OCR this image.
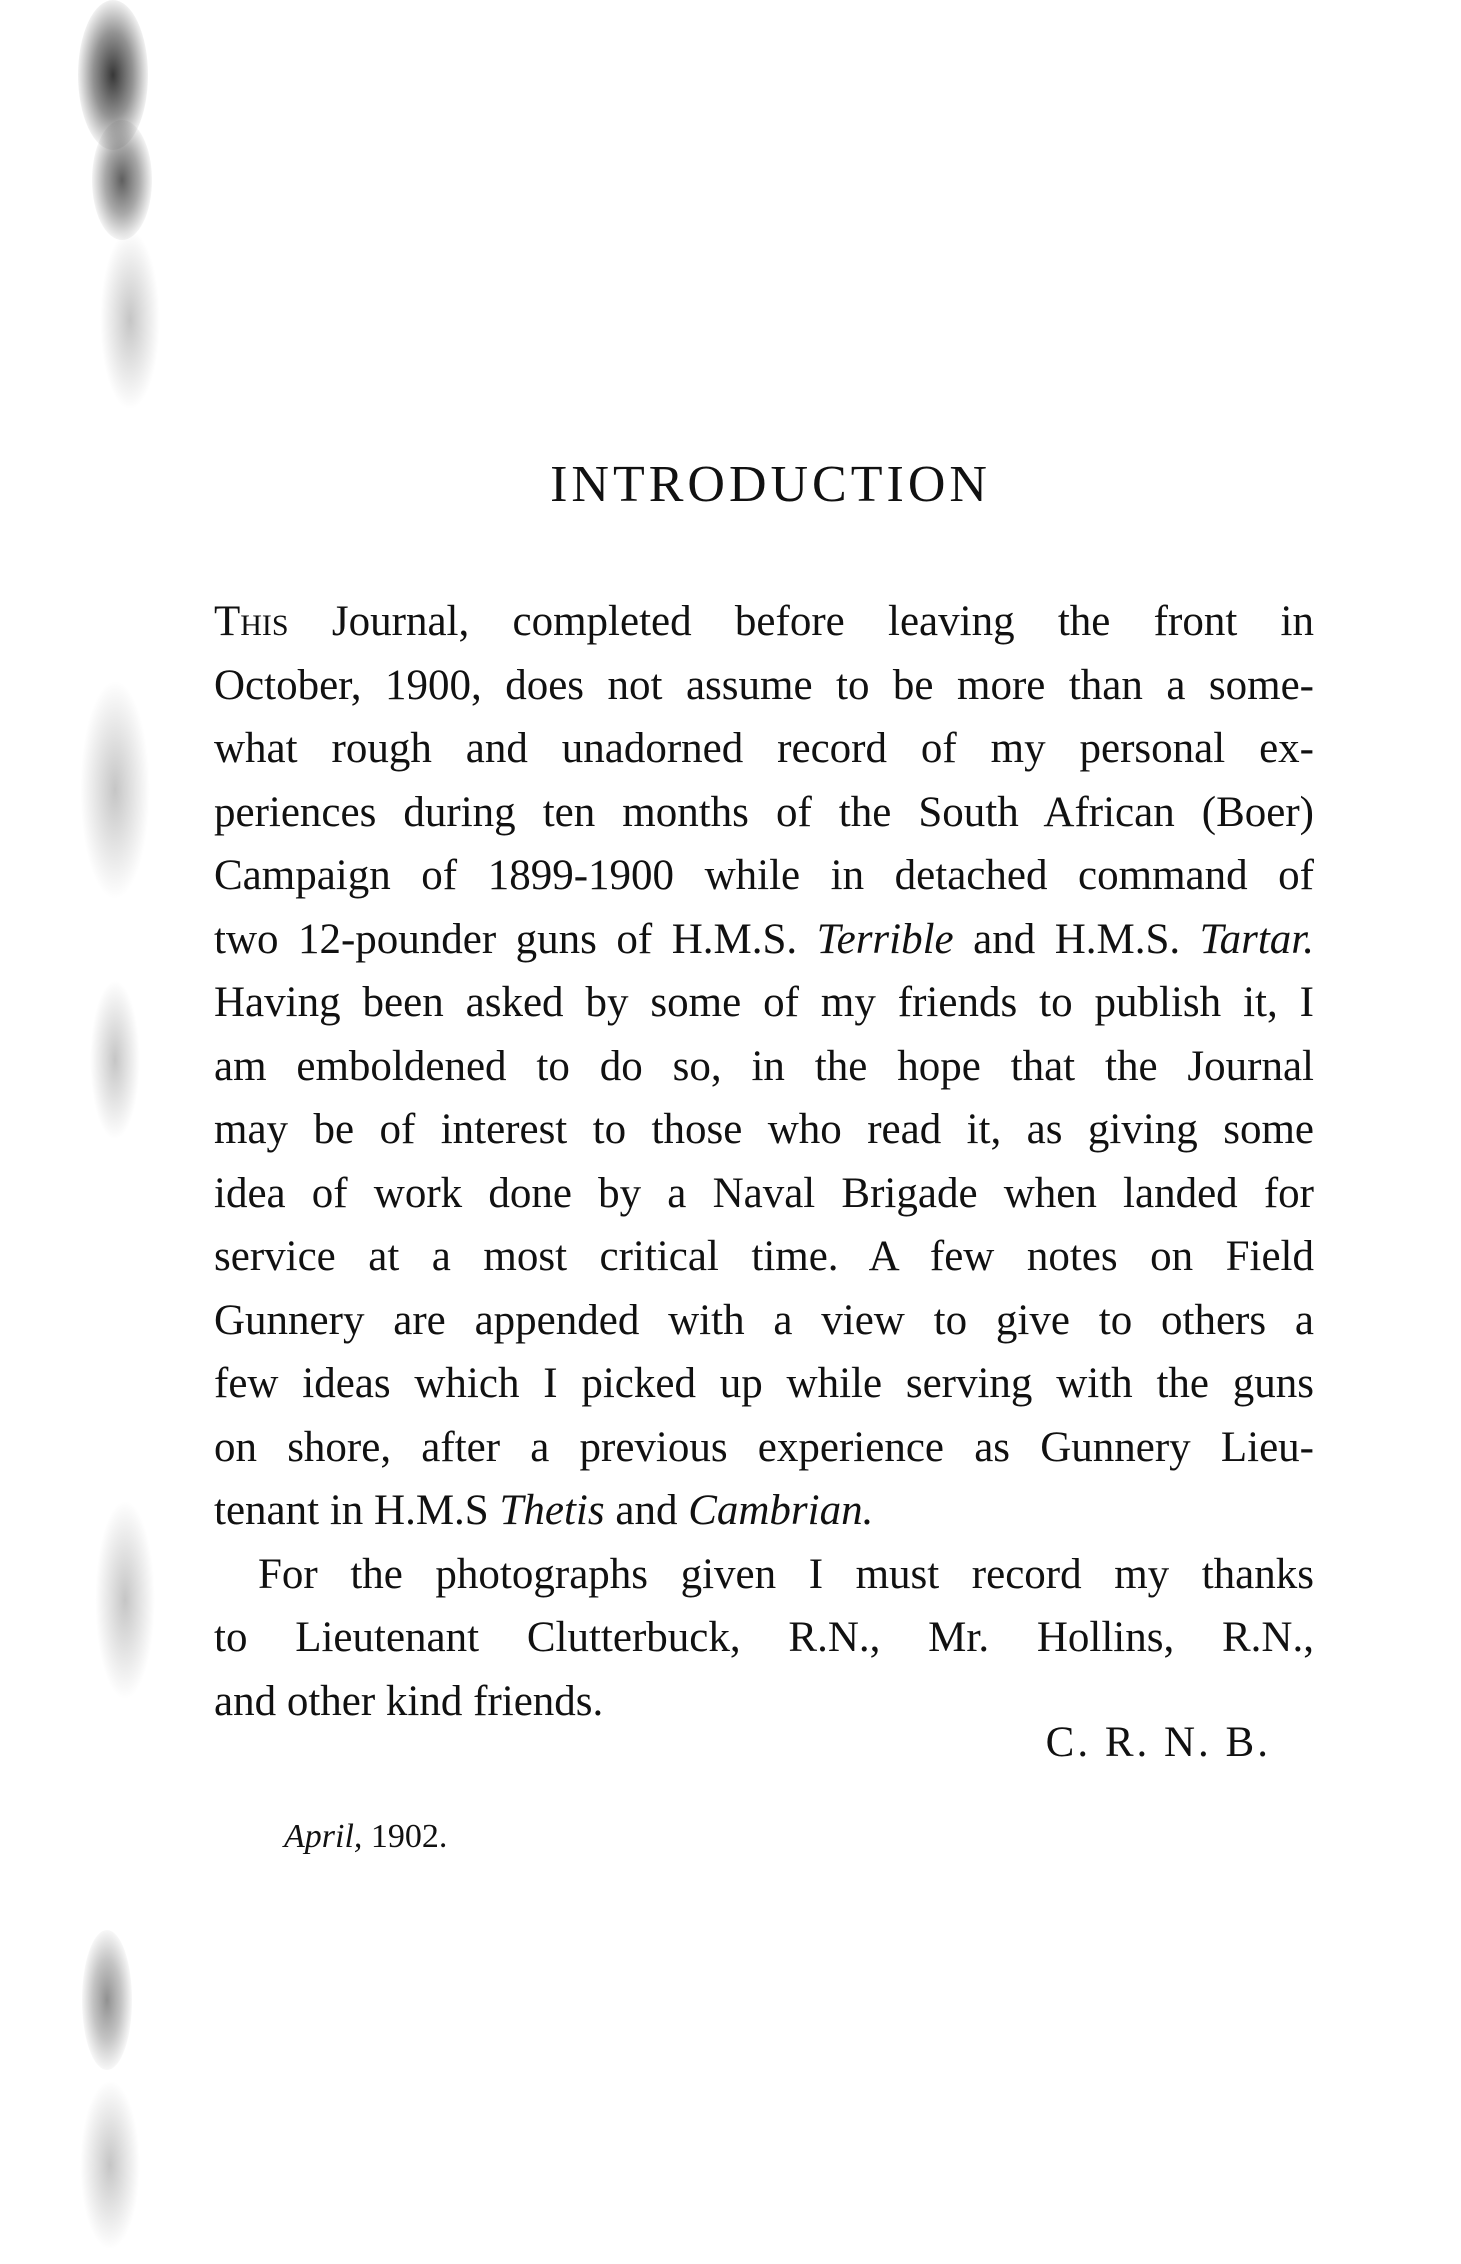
INTRODUCTION
This Journal, completed before leaving the front in
October, 1900, does not assume to be more than a some-
what rough and unadorned record of my personal ex-
periences during ten months of the South African (Boer)
Campaign of 1899-1900 while in detached command of
two 12-pounder guns of H.M.S. Terrible and H.M.S. Tartar.
Having been asked by some of my friends to publish it, I
am emboldened to do so, in the hope that the Journal
may be of interest to those who read it, as giving some
idea of work done by a Naval Brigade when landed for
service at a most critical time. A few notes on Field
Gunnery are appended with a view to give to others a
few ideas which I picked up while serving with the guns
on shore, after a previous experience as Gunnery Lieu-
tenant in H.M.S Thetis and Cambrian.
For the photographs given I must record my thanks
to Lieutenant Clutterbuck, R.N., Mr. Hollins, R.N.,
and other kind friends.
C. R. N. B.
April, 1902.
